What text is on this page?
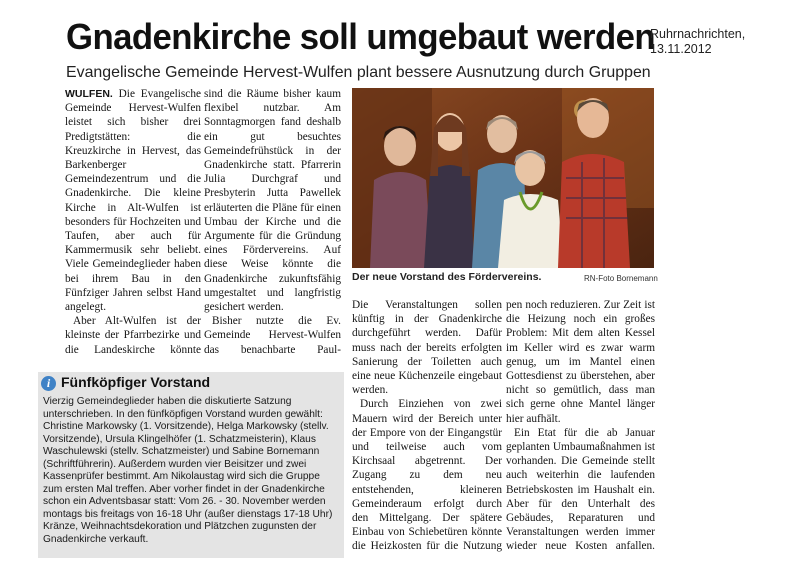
Gnadenkirche soll umgebaut werden
Ruhrnachrichten,
13.11.2012
Evangelische Gemeinde Hervest-Wulfen plant bessere Ausnutzung durch Gruppen

WULFEN. Die Evangelische Gemeinde Hervest-Wulfen leistet sich bisher drei Predigtstätten: die Kreuzkirche in Hervest, das Barkenberger Gemeindezentrum und die Gnadenkirche. Die kleine Kirche in Alt-Wulfen ist besonders für Hochzeiten und Taufen, aber auch für Kammermusik sehr beliebt. Viele Gemeindeglieder haben bei ihrem Bau in den Fünfziger Jahren selbst Hand angelegt.

Aber Alt-Wulfen ist der kleinste der Pfarrbezirke und die Landeskirche könnte

sind die Räume bisher kaum flexibel nutzbar. Am Sonntagmorgen fand deshalb ein gut besuchtes Gemeindefrühstück in der Gnadenkirche statt. Pfarrerin Julia Durchgraf und Presbyterin Jutta Pawellek erläuterten die Pläne für einen Umbau der Kirche und die Argumente für die Gründung eines Fördervereins. Auf diese Weise könnte die Gnadenkirche zukunftsfähig umgestaltet und langfristig gesichert werden.

Bisher nutzte die Ev. Gemeinde Hervest-Wulfen das benachbarte Paul-

Der neue Vorstand des Fördervereins.	RN-Foto Bornemann

Die Veranstaltungen sollen künftig in der Gnadenkirche durchgeführt werden. Dafür muss nach der bereits erfolgten Sanierung der Toiletten auch eine neue Küchenzeile eingebaut werden.

Durch Einziehen von zwei Mauern wird der Bereich unter der Empore von der Eingangstür und teilweise auch vom Kirchsaal abgetrennt. Der Zugang zu dem neu entstehenden, kleineren Gemeinderaum erfolgt durch den Mittelgang. Der spätere Einbau von Schiebetüren könnte die Heizkosten für die Nutzung

pen noch reduzieren. Zur Zeit ist die Heizung noch ein großes Problem: Mit dem alten Kessel im Keller wird es zwar warm genug, um im Mantel einen Gottesdienst zu überstehen, aber nicht so gemütlich, dass man sich gerne ohne Mantel länger hier aufhält.

Ein Etat für die ab Januar geplanten Umbaumaßnahmen ist vorhanden. Die Gemeinde stellt auch weiterhin die laufenden Betriebskosten im Haushalt ein. Aber für den Unterhalt des Gebäudes, Reparaturen und Veranstaltungen werden immer wieder neue Kosten anfallen.

i Fünfköpfiger Vorstand
Vierzig Gemeindeglieder haben die diskutierte Satzung unterschrieben. In den fünfköpfigen Vorstand wurden gewählt: Christine Markowsky (1. Vorsitzende), Helga Markowsky (stellv. Vorsitzende), Ursula Klingelhöfer (1. Schatzmeisterin), Klaus Waschulewski (stellv. Schatzmeister) und Sabine Bornemann (Schriftführerin). Außerdem wurden vier Beisitzer und zwei Kassenprüfer bestimmt. Am Nikolaustag wird sich die Gruppe zum ersten Mal treffen. Aber vorher findet in der Gnadenkirche schon ein Adventsbasar statt: Vom 26. - 30. November werden montags bis freitags von 16-18 Uhr (außer dienstags 17-18 Uhr) Kränze, Weihnachtsdekoration und Plätzchen zugunsten der Gnadenkirche verkauft.
